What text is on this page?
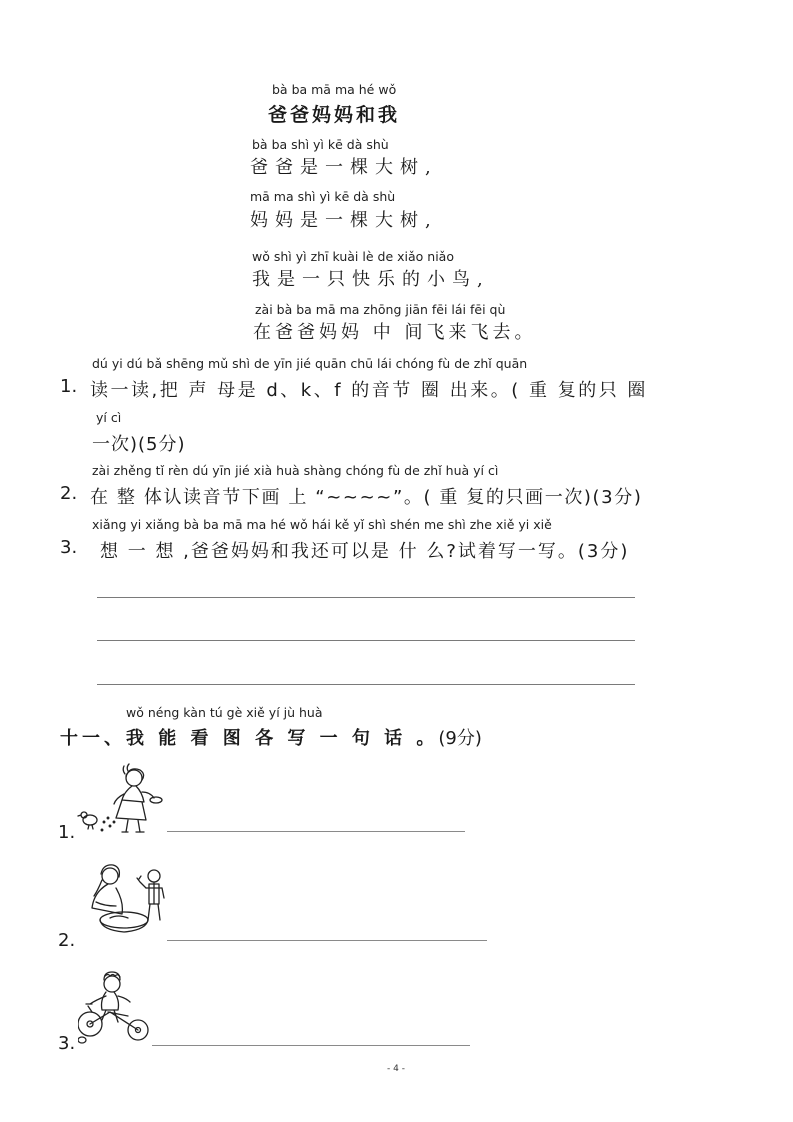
bà ba mā ma hé wǒ
爸爸妈妈和我
bà ba shì yì kē dà shù
爸爸是一棵大树,
mā ma shì yì kē dà shù
妈妈是一棵大树,
wǒ shì yì zhī kuài lè de xiǎo niǎo
我是一只快乐的小鸟,
zài bà ba mā ma zhōng jiān fēi lái fēi qù
在爸爸妈妈 中 间飞来飞去。
dú yi dú bǎ shēng mǔ shì de yīn jié quān chū lái chóng fù de zhǐ quān
1. 读一读,把 声 母是 d、k、f 的音节 圈 出来。( 重 复的只 圈
yí cì
一次)(5分)
zài zhěng tǐ rèn dú yīn jié xià huà shàng chóng fù de zhǐ huà yí cì
2. 在 整 体认读音节下画 上 “~~~~”。( 重 复的只画一次)(3分)
xiǎng yi xiǎng bà ba mā ma hé wǒ hái kě yǐ shì shén me shì zhe xiě yi xiě
3. 想 一 想 ,爸爸妈妈和我还可以是 什 么?试着写一写。(3分)
wǒ néng kàn tú gè xiě yí jù huà
十一、我 能 看 图 各 写 一 句 话 。(9分)
1.
2.
3.
- 4 -
